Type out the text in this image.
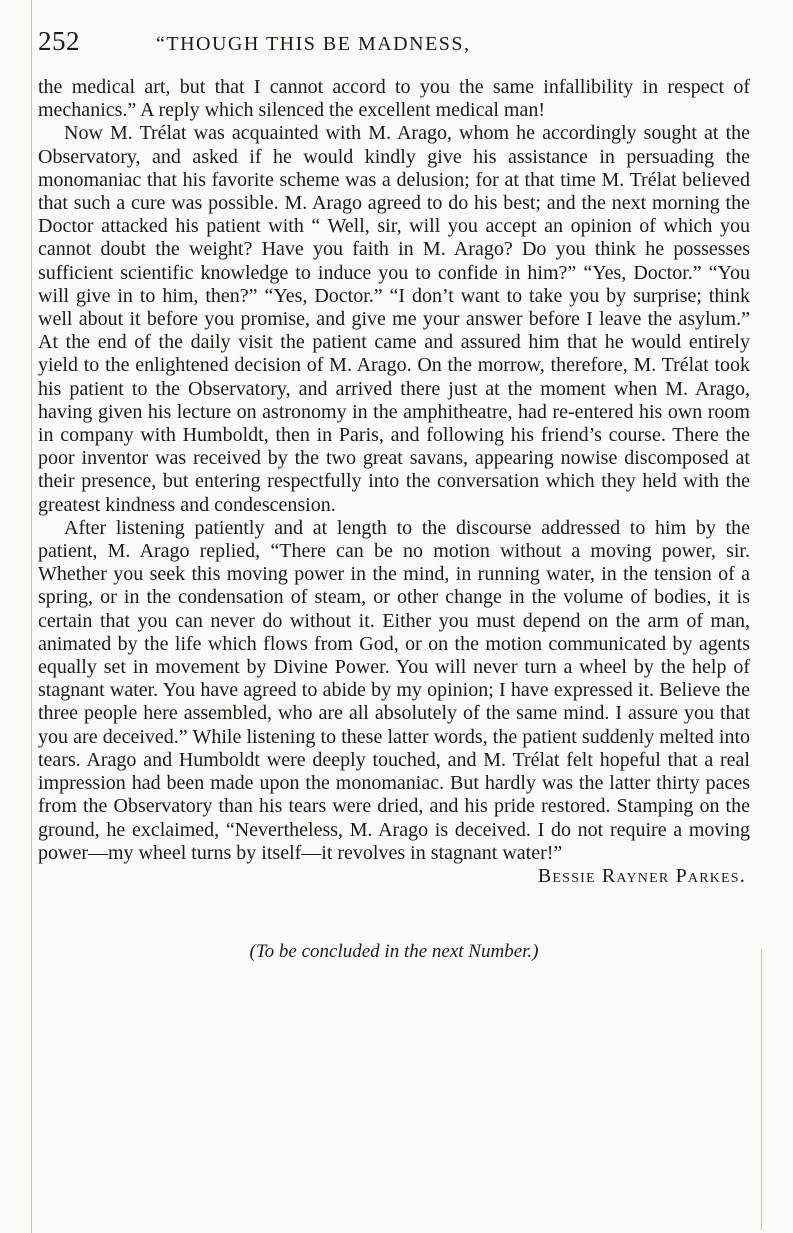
252	“THOUGH THIS BE MADNESS,

the medical art, but that I cannot accord to you the same infallibility in respect of mechanics.” A reply which silenced the excellent medical man!

Now M. Trélat was acquainted with M. Arago, whom he accordingly sought at the Observatory, and asked if he would kindly give his assistance in persuading the monomaniac that his favorite scheme was a delusion; for at that time M. Trélat believed that such a cure was possible. M. Arago agreed to do his best; and the next morning the Doctor attacked his patient with “ Well, sir, will you accept an opinion of which you cannot doubt the weight? Have you faith in M. Arago? Do you think he possesses sufficient scientific knowledge to induce you to confide in him?” “Yes, Doctor.” “You will give in to him, then?” “Yes, Doctor.” “I don’t want to take you by surprise; think well about it before you promise, and give me your answer before I leave the asylum.” At the end of the daily visit the patient came and assured him that he would entirely yield to the enlightened decision of M. Arago. On the morrow, therefore, M. Trélat took his patient to the Observatory, and arrived there just at the moment when M. Arago, having given his lecture on astronomy in the amphitheatre, had re-entered his own room in company with Humboldt, then in Paris, and following his friend’s course. There the poor inventor was received by the two great savans, appearing nowise discomposed at their presence, but entering respectfully into the conversation which they held with the greatest kindness and condescension.

After listening patiently and at length to the discourse addressed to him by the patient, M. Arago replied, “There can be no motion without a moving power, sir. Whether you seek this moving power in the mind, in running water, in the tension of a spring, or in the condensation of steam, or other change in the volume of bodies, it is certain that you can never do without it. Either you must depend on the arm of man, animated by the life which flows from God, or on the motion communicated by agents equally set in movement by Divine Power. You will never turn a wheel by the help of stagnant water. You have agreed to abide by my opinion; I have expressed it. Believe the three people here assembled, who are all absolutely of the same mind. I assure you that you are deceived.” While listening to these latter words, the patient suddenly melted into tears. Arago and Humboldt were deeply touched, and M. Trélat felt hopeful that a real impression had been made upon the monomaniac. But hardly was the latter thirty paces from the Observatory than his tears were dried, and his pride restored. Stamping on the ground, he exclaimed, “Nevertheless, M. Arago is deceived. I do not require a moving power—my wheel turns by itself—it revolves in stagnant water!”

Bessie Rayner Parkes.
(To be concluded in the next Number.)
